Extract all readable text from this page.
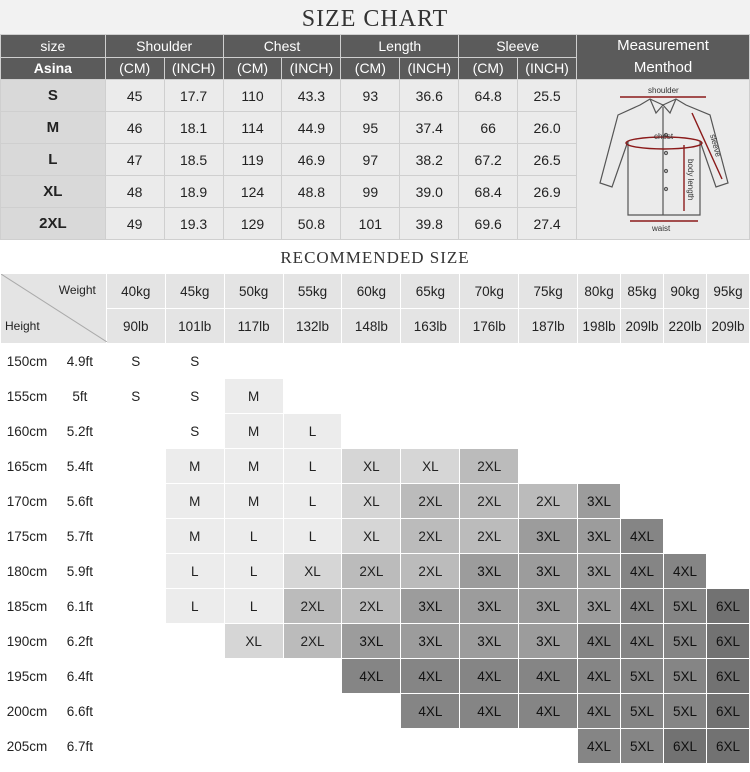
SIZE CHART
size	Shoulder		Chest		Length		Sleeve		Measurement
Menthod

Asina	(CM)	(INCH)	(CM)	(INCH)	(CM)	(INCH)	(CM)	(INCH)	
S	45	17.7	110	43.3	93	36.6	64.8	25.5	shoulder
chest sleeve
body length
waist

M	46	18.1	114	44.9	95	37.4	66	26.0	
L	47	18.5	119	46.9	97	38.2	67.2	26.5	
XL	48	18.9	124	48.8	99	39.0	68.4	26.9	
2XL	49	19.3	129	50.8	101	39.8	69.6	27.4	
RECOMMENDED SIZE
Weight
Height		40kg	45kg	50kg	55kg	60kg	65kg	70kg	75kg	80kg	85kg	90kg	95kg
		90lb	101lb	117lb	132lb	148lb	163lb	176lb	187lb	198lb	209lb	220lb	209lb
150cm	4.9ft	S	S										
155cm	5ft	S	S	M									
160cm	5.2ft		S	M	L								
165cm	5.4ft		M	M	L	XL	XL	2XL					
170cm	5.6ft		M	M	L	XL	2XL	2XL	2XL	3XL			
175cm	5.7ft		M	L	L	XL	2XL	2XL	3XL	3XL	4XL		
180cm	5.9ft		L	L	XL	2XL	2XL	3XL	3XL	3XL	4XL	4XL	
185cm	6.1ft		L	L	2XL	2XL	3XL	3XL	3XL	3XL	4XL	5XL	6XL
190cm	6.2ft			XL	2XL	3XL	3XL	3XL	3XL	4XL	4XL	5XL	6XL
195cm	6.4ft					4XL	4XL	4XL	4XL	4XL	5XL	5XL	6XL
200cm	6.6ft						4XL	4XL	4XL	4XL	5XL	5XL	6XL
205cm	6.7ft									4XL	5XL	6XL	6XL
